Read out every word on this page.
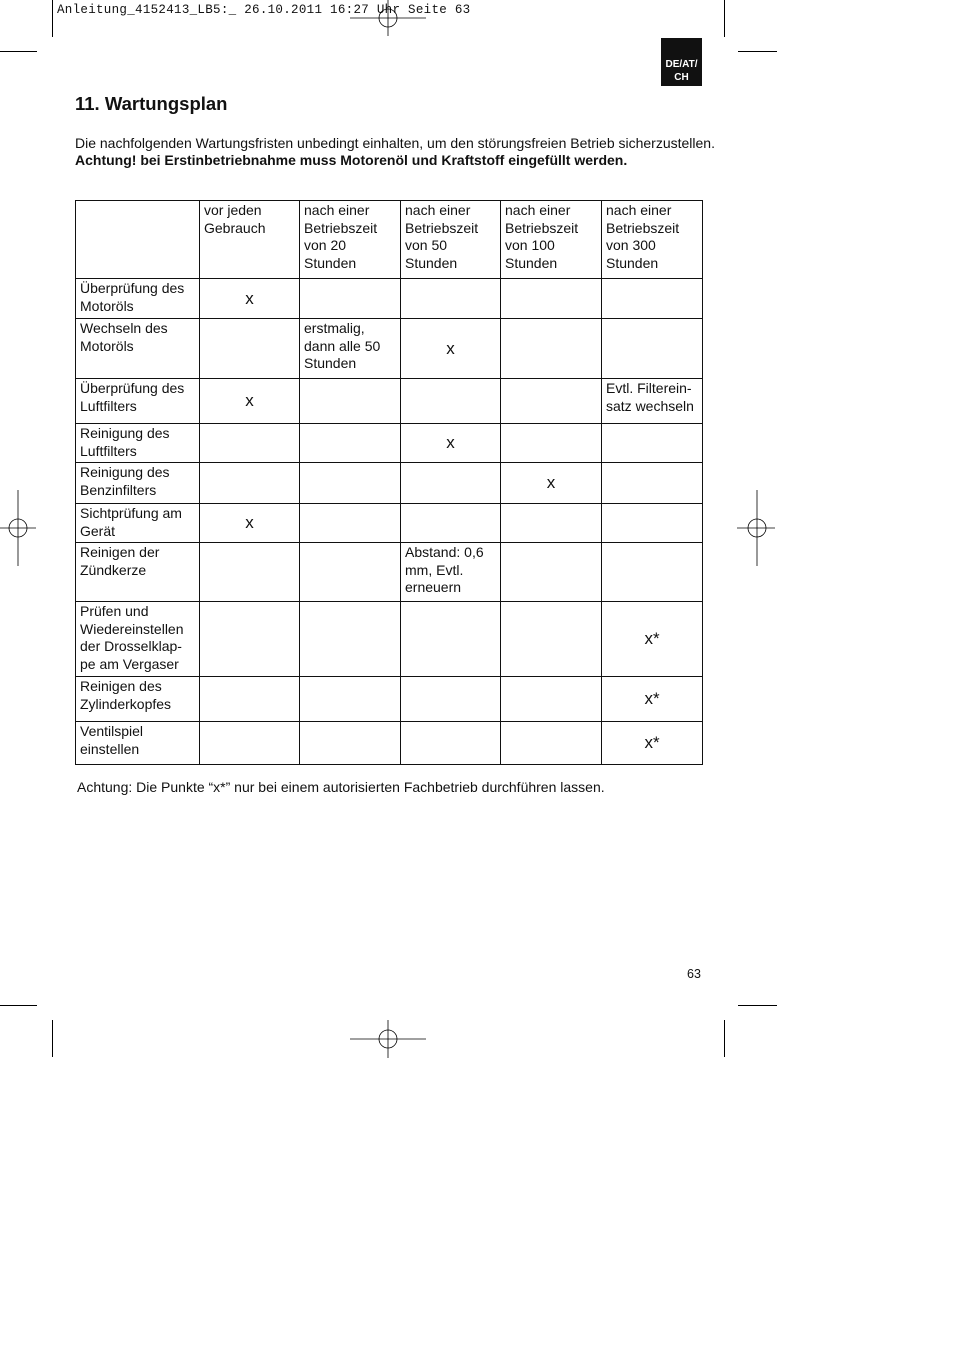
Anleitung_4152413_LB5:_ 26.10.2011 16:27 Uhr Seite 63
DE/AT/
CH
11. Wartungsplan
Die nachfolgenden Wartungsfristen unbedingt einhalten, um den störungsfreien Betrieb sicherzustellen. Achtung! bei Erstinbetriebnahme muss Motorenöl und Kraftstoff eingefüllt werden.
	vor jeden Gebrauch	nach einer Betriebszeit von 20 Stunden	nach einer Betriebszeit von 50 Stunden	nach einer Betriebszeit von 100 Stunden	nach einer Betriebszeit von 300 Stunden
Überprüfung des Motoröls	x				
Wechseln des Motoröls		erstmalig, dann alle 50 Stunden	x		
Überprüfung des Luftfilters	x				Evtl. Filterein-satz wechseln
Reinigung des Luftfilters			x		
Reinigung des Benzinfilters				x	
Sichtprüfung am Gerät	x				
Reinigen der Zündkerze			Abstand: 0,6 mm, Evtl. erneuern		
Prüfen und Wiedereinstellen der Drosselklap-pe am Vergaser					x*
Reinigen des Zylinderkopfes					x*
Ventilspiel einstellen					x*
Achtung: Die Punkte “x*” nur bei einem autorisierten Fachbetrieb durchführen lassen.
63
